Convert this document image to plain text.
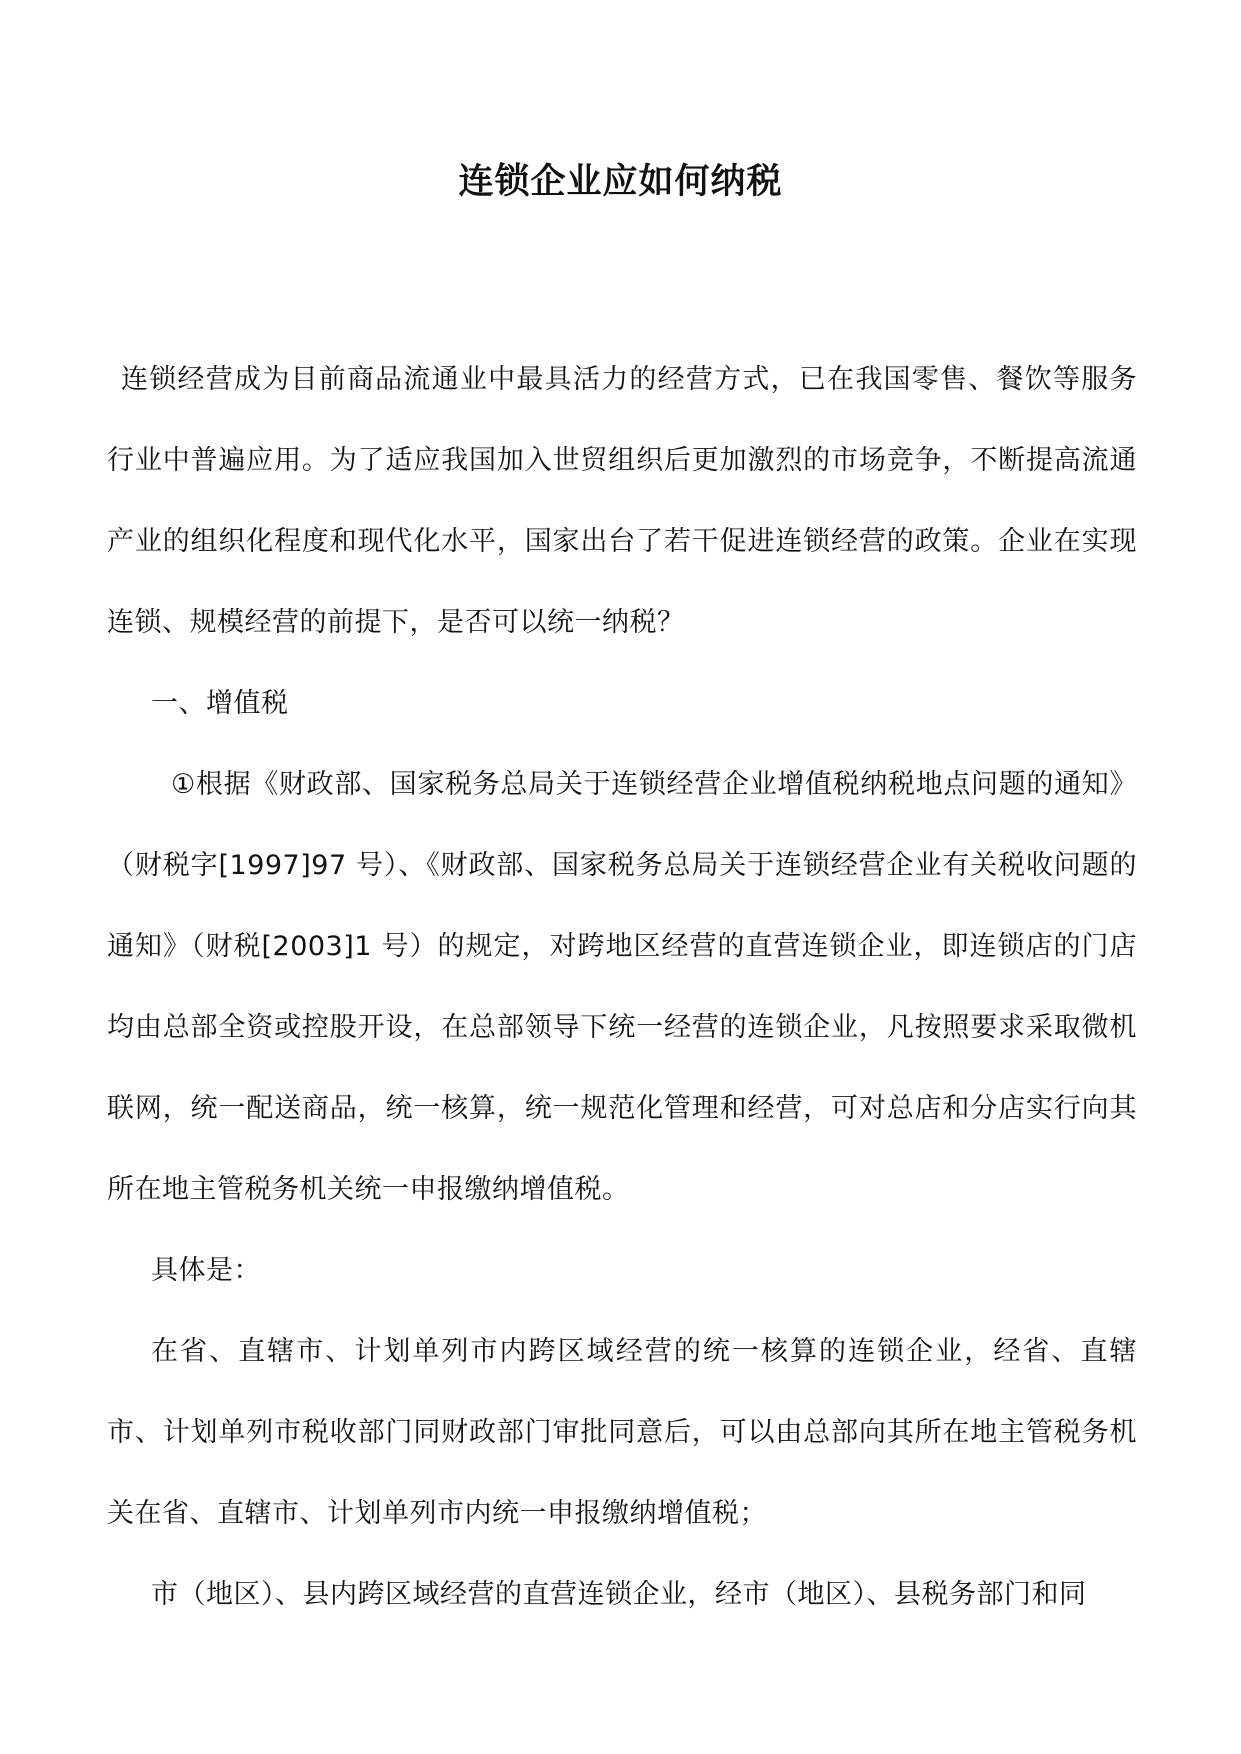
连锁企业应如何纳税

连锁经营成为目前商品流通业中最具活力的经营方式，已在我国零售、餐饮等服务行业中普遍应用。为了适应我国加入世贸组织后更加激烈的市场竞争，不断提高流通产业的组织化程度和现代化水平，国家出台了若干促进连锁经营的政策。企业在实现连锁、规模经营的前提下，是否可以统一纳税？

一、增值税

①根据《财政部、国家税务总局关于连锁经营企业增值税纳税地点问题的通知》（财税字[1997]97 号）、《财政部、国家税务总局关于连锁经营企业有关税收问题的通知》（财税[2003]1 号）的规定，对跨地区经营的直营连锁企业，即连锁店的门店均由总部全资或控股开设，在总部领导下统一经营的连锁企业，凡按照要求采取微机联网，统一配送商品，统一核算，统一规范化管理和经营，可对总店和分店实行向其所在地主管税务机关统一申报缴纳增值税。

具体是：

在省、直辖市、计划单列市内跨区域经营的统一核算的连锁企业，经省、直辖市、计划单列市税收部门同财政部门审批同意后，可以由总部向其所在地主管税务机关在省、直辖市、计划单列市内统一申报缴纳增值税；

市（地区）、县内跨区域经营的直营连锁企业，经市（地区）、县税务部门和同
